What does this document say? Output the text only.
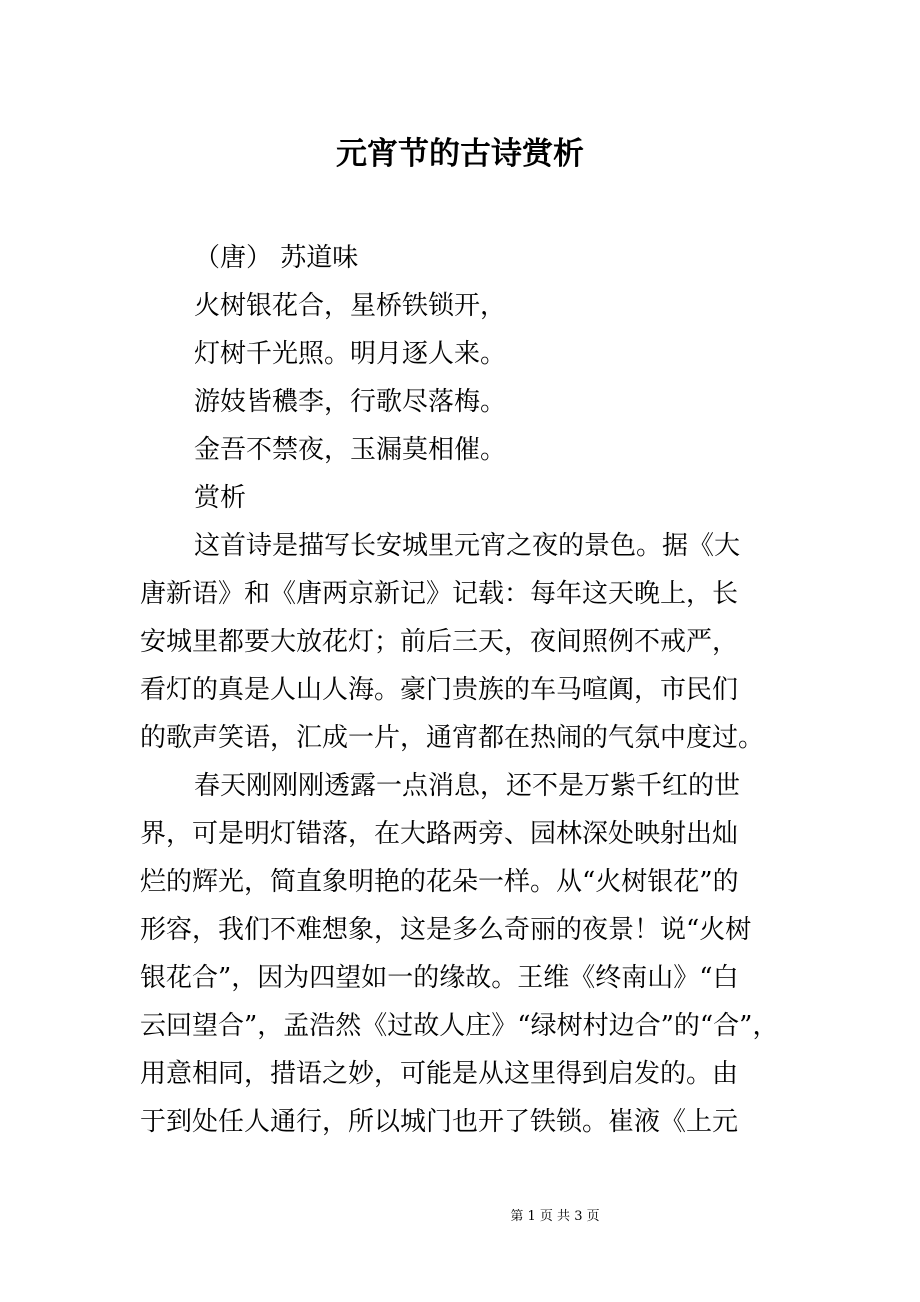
元宵节的古诗赏析

（唐） 苏道味

火树银花合，星桥铁锁开，

灯树千光照。明月逐人来。

游妓皆穠李，行歌尽落梅。

金吾不禁夜，玉漏莫相催。

赏析

这首诗是描写长安城里元宵之夜的景色。据《大
唐新语》和《唐两京新记》记载：每年这天晚上，长
安城里都要大放花灯；前后三天，夜间照例不戒严，
看灯的真是人山人海。豪门贵族的车马喧阗，市民们
的歌声笑语，汇成一片，通宵都在热闹的气氛中度过。

春天刚刚刚透露一点消息，还不是万紫千红的世
界，可是明灯错落，在大路两旁、园林深处映射出灿
烂的辉光，简直象明艳的花朵一样。从“火树银花”的
形容，我们不难想象，这是多么奇丽的夜景！说“火树
银花合”，因为四望如一的缘故。王维《终南山》“白
云回望合”，孟浩然《过故人庄》“绿树村边合”的“合”，
用意相同，措语之妙，可能是从这里得到启发的。由
于到处任人通行，所以城门也开了铁锁。崔液《上元

第 1 页 共 3 页
